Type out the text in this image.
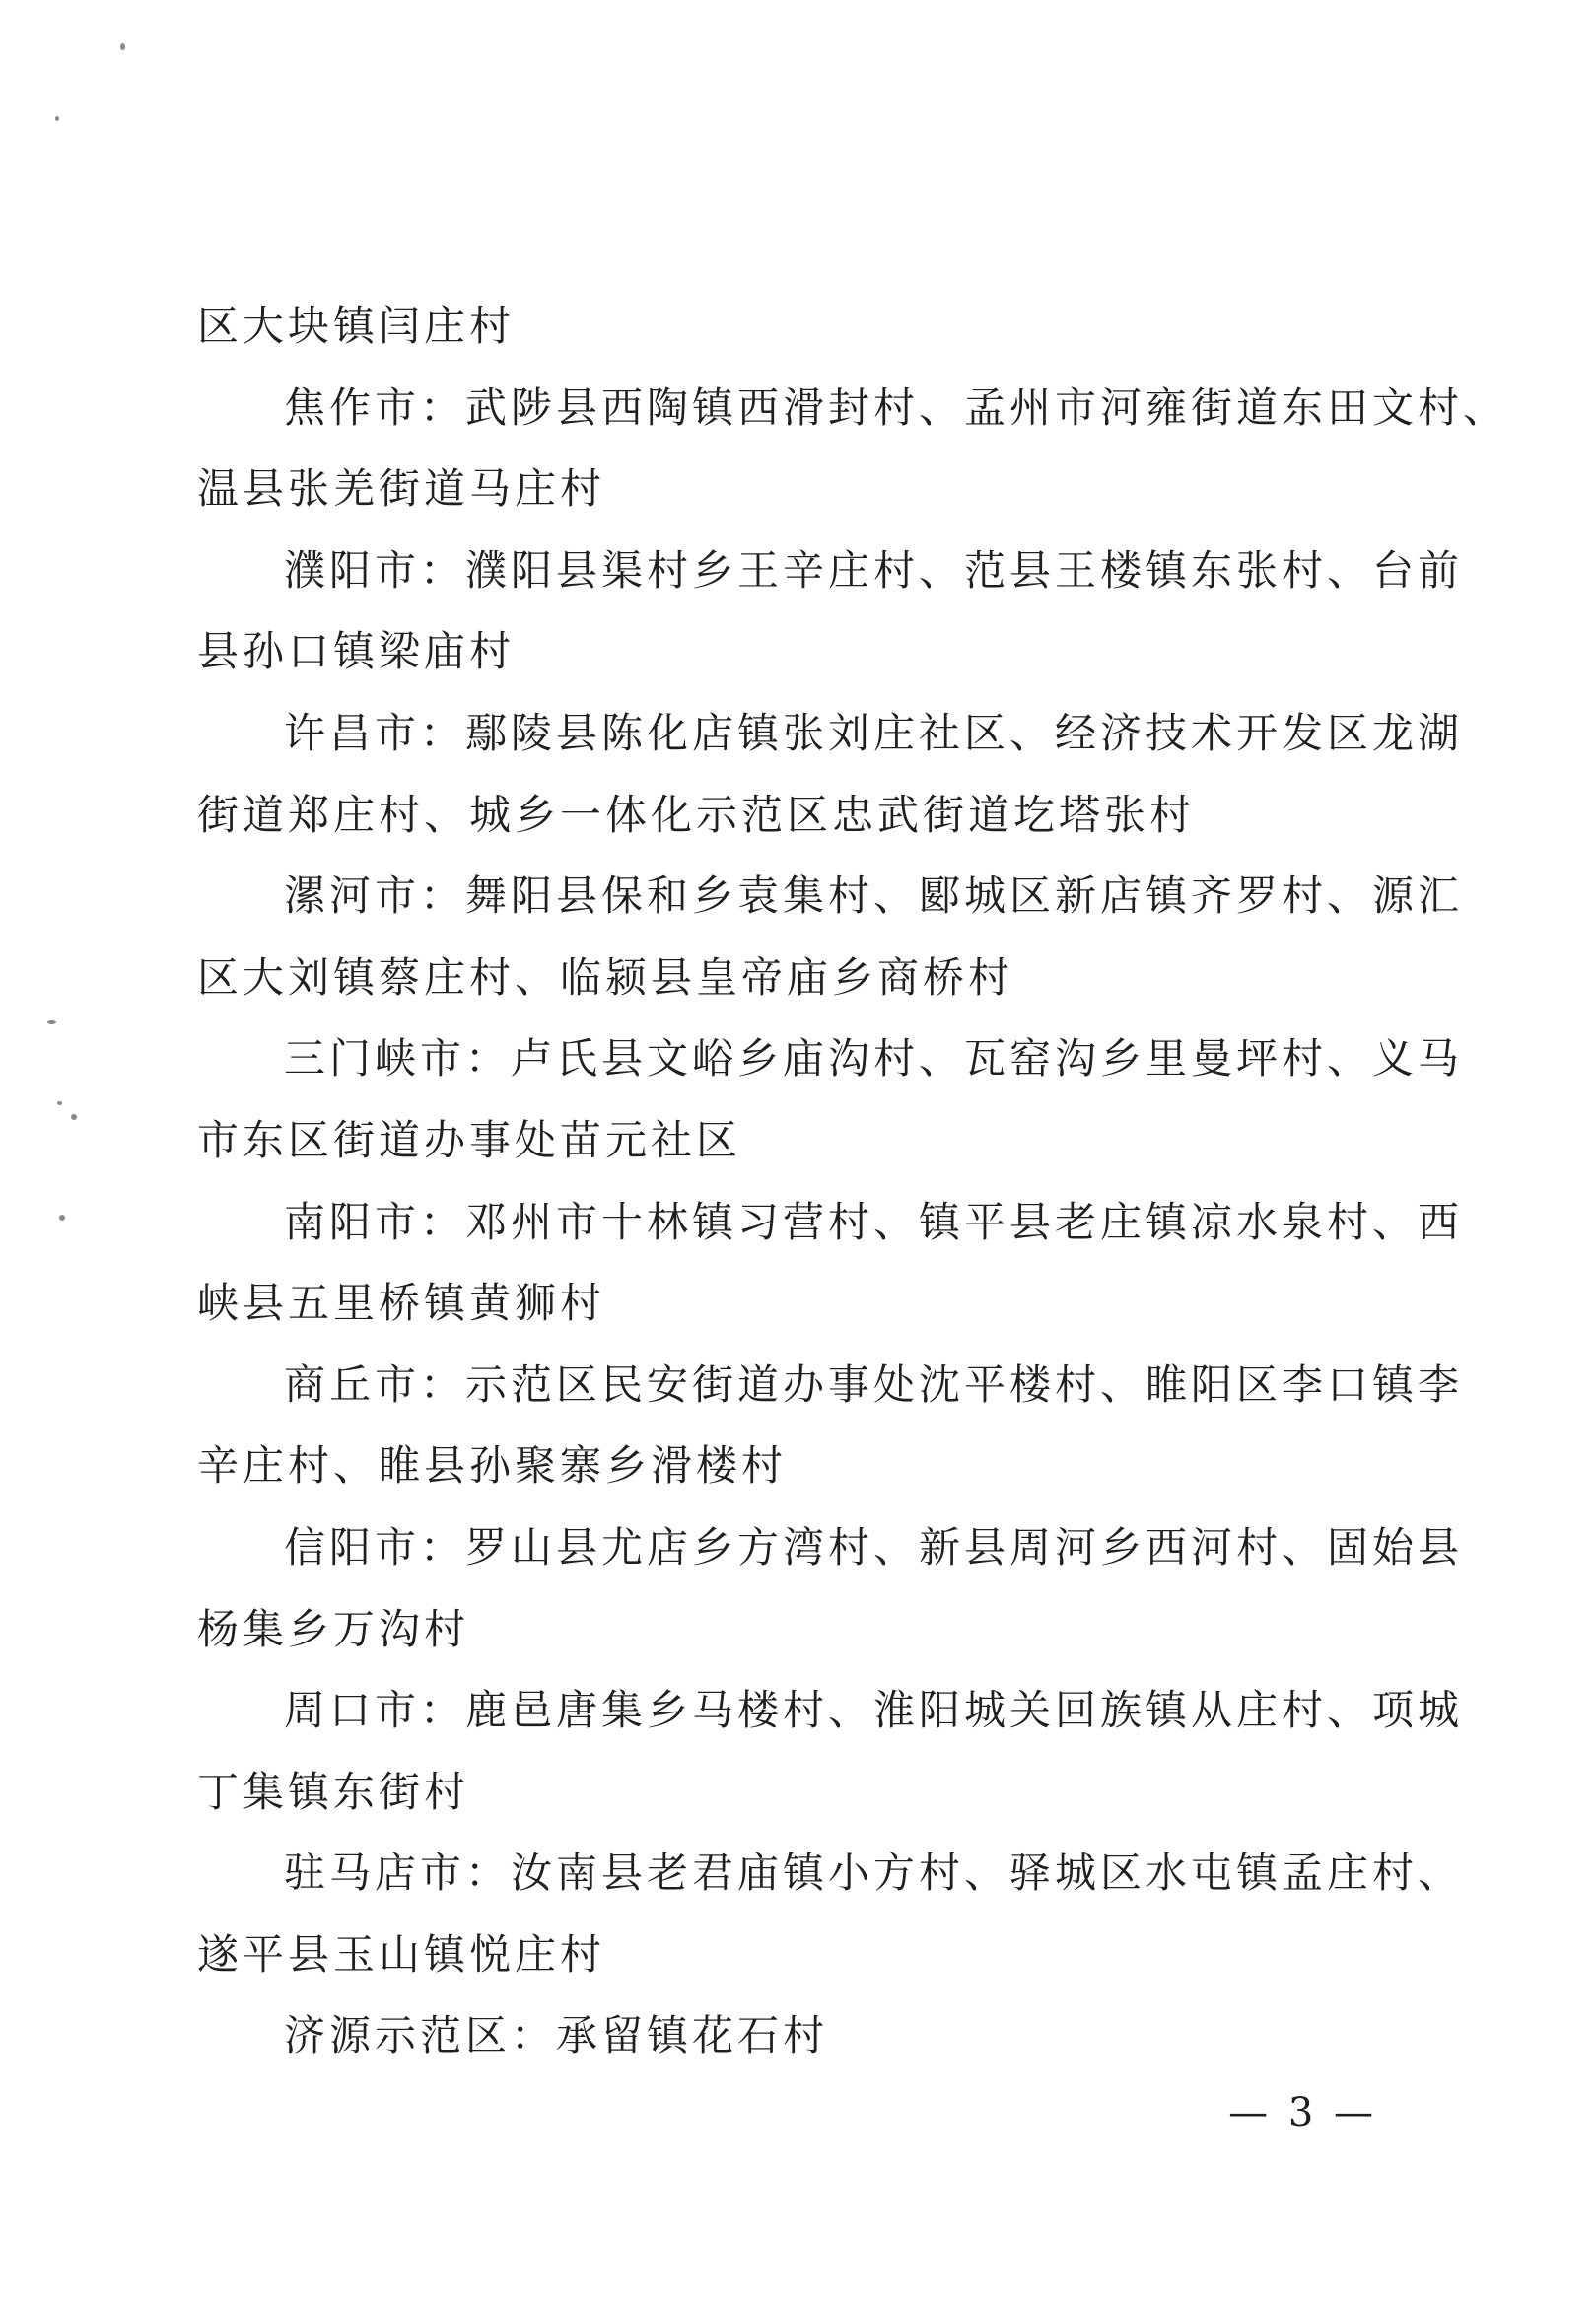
区大块镇闫庄村
焦作市：武陟县西陶镇西滑封村、孟州市河雍街道东田文村、
温县张羌街道马庄村
濮阳市：濮阳县渠村乡王辛庄村、范县王楼镇东张村、台前
县孙口镇梁庙村
许昌市：鄢陵县陈化店镇张刘庄社区、经济技术开发区龙湖
街道郑庄村、城乡一体化示范区忠武街道圪塔张村
漯河市：舞阳县保和乡袁集村、郾城区新店镇齐罗村、源汇
区大刘镇蔡庄村、临颍县皇帝庙乡商桥村
三门峡市：卢氏县文峪乡庙沟村、瓦窑沟乡里曼坪村、义马
市东区街道办事处苗元社区
南阳市：邓州市十林镇习营村、镇平县老庄镇凉水泉村、西
峡县五里桥镇黄狮村
商丘市：示范区民安街道办事处沈平楼村、睢阳区李口镇李
辛庄村、睢县孙聚寨乡滑楼村
信阳市：罗山县尤店乡方湾村、新县周河乡西河村、固始县
杨集乡万沟村
周口市：鹿邑唐集乡马楼村、淮阳城关回族镇从庄村、项城
丁集镇东街村
驻马店市：汝南县老君庙镇小方村、驿城区水屯镇孟庄村、
遂平县玉山镇悦庄村
济源示范区：承留镇花石村
— 3 —
